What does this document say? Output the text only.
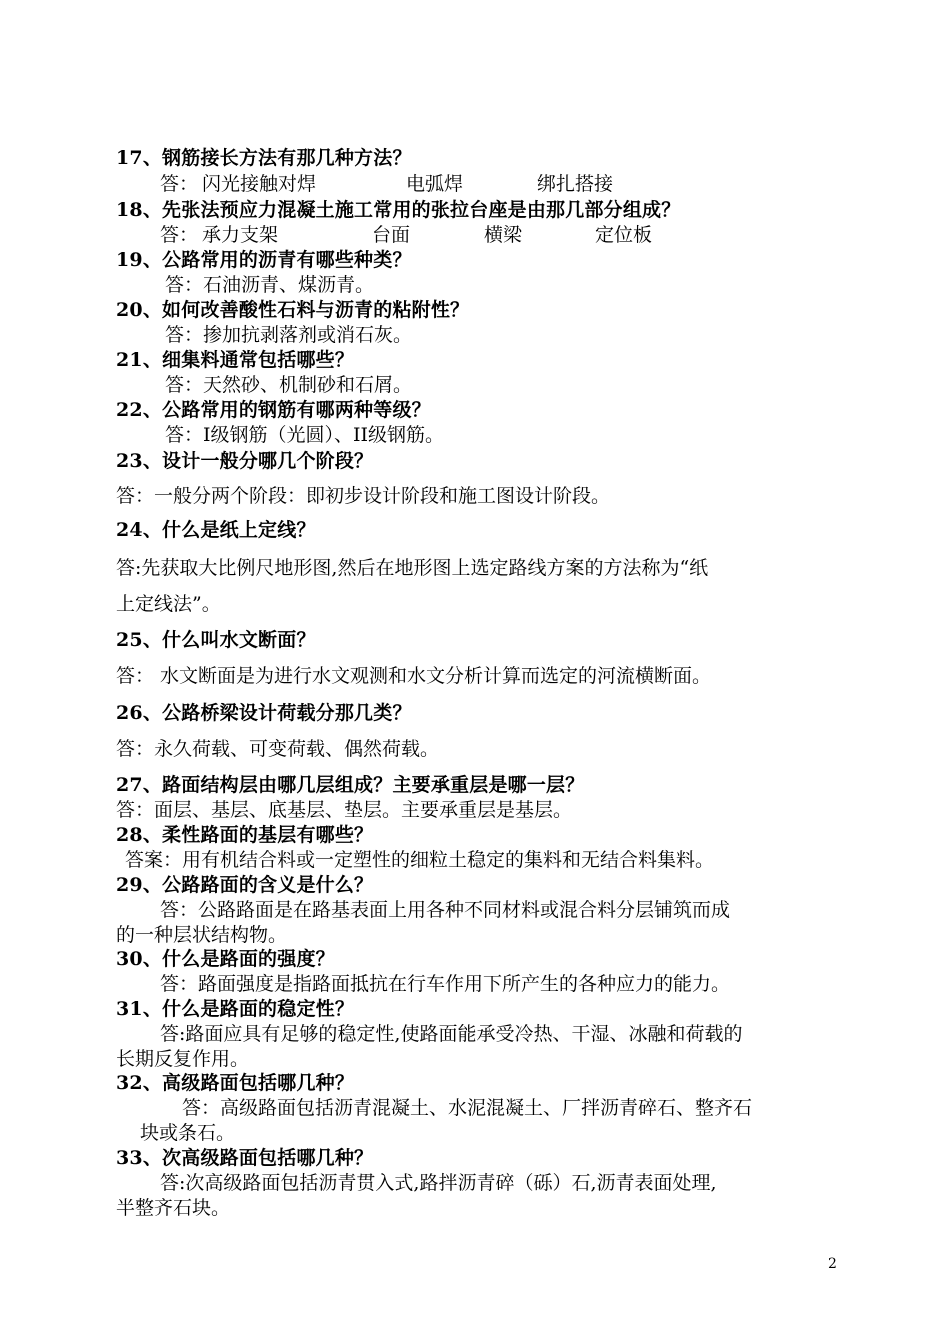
17、钢筋接长方法有那几种方法？
答： 闪光接触对焊	电弧焊	绑扎搭接
18、先张法预应力混凝土施工常用的张拉台座是由那几部分组成？
答： 承力支架	台面	横梁	定位板
19、公路常用的沥青有哪些种类？
答：石油沥青、煤沥青。
20、如何改善酸性石料与沥青的粘附性？
答：掺加抗剥落剂或消石灰。
21、细集料通常包括哪些？
答：天然砂、机制砂和石屑。
22、公路常用的钢筋有哪两种等级？
答：I级钢筋（光圆）、II级钢筋。
23、设计一般分哪几个阶段？
答：一般分两个阶段：即初步设计阶段和施工图设计阶段。
24、什么是纸上定线？
答:先获取大比例尺地形图,然后在地形图上选定路线方案的方法称为“纸
上定线法”。
25、什么叫水文断面？
答： 水文断面是为进行水文观测和水文分析计算而选定的河流横断面。
26、公路桥梁设计荷载分那几类？
答：永久荷载、可变荷载、偶然荷载。
27、路面结构层由哪几层组成？主要承重层是哪一层？
答：面层、基层、底基层、垫层。主要承重层是基层。
28、柔性路面的基层有哪些？
答案：用有机结合料或一定塑性的细粒土稳定的集料和无结合料集料。
29、公路路面的含义是什么？
答：公路路面是在路基表面上用各种不同材料或混合料分层铺筑而成
的一种层状结构物。
30、什么是路面的强度？
答：路面强度是指路面抵抗在行车作用下所产生的各种应力的能力。
31、什么是路面的稳定性？
答:路面应具有足够的稳定性,使路面能承受冷热、干湿、冰融和荷载的
长期反复作用。
32、高级路面包括哪几种？
答：高级路面包括沥青混凝土、水泥混凝土、厂拌沥青碎石、整齐石
块或条石。
33、次高级路面包括哪几种？
答:次高级路面包括沥青贯入式,路拌沥青碎（砾）石,沥青表面处理,
半整齐石块。
2
